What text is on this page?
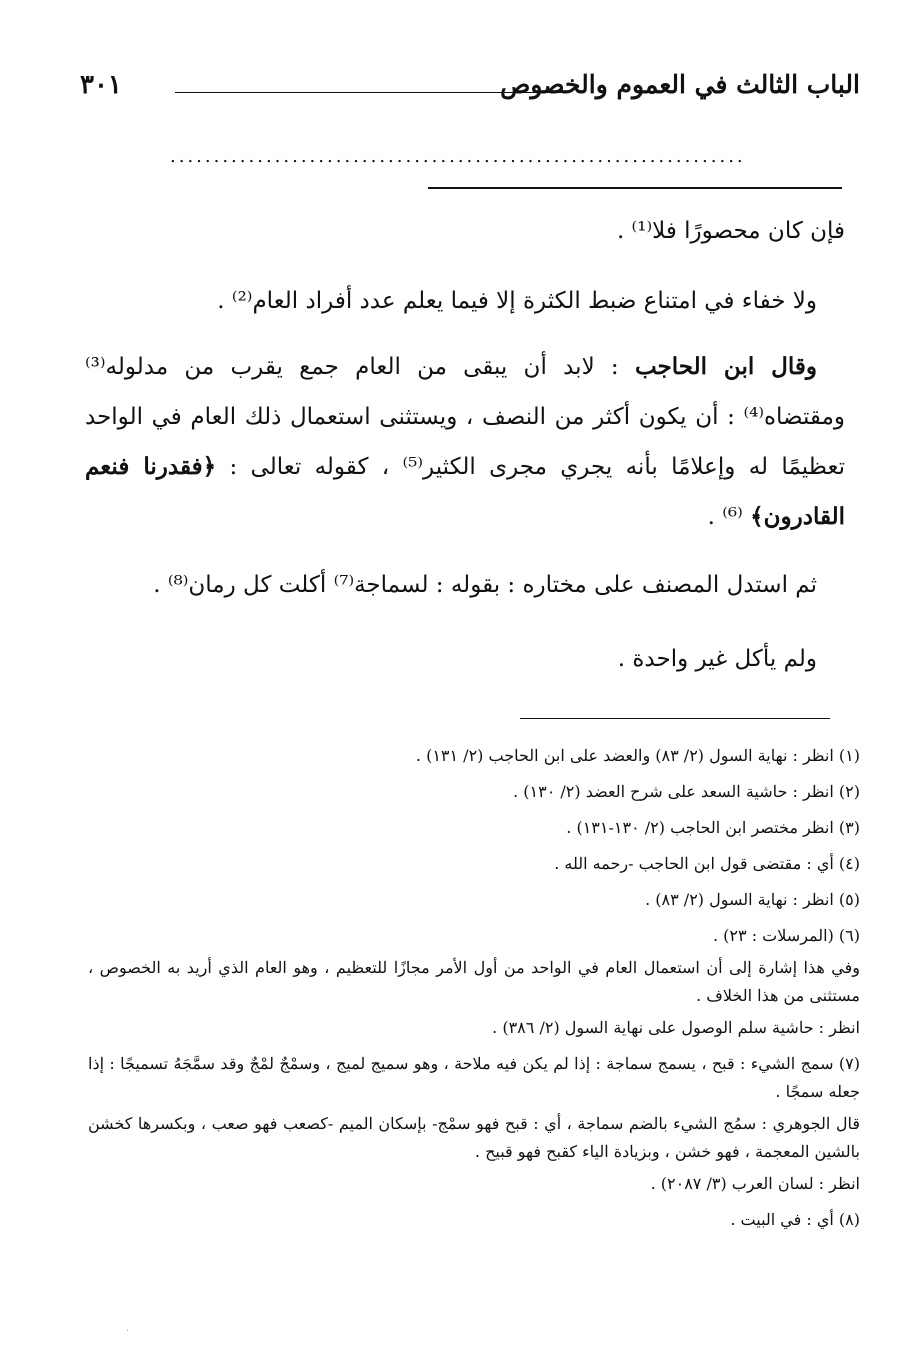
الباب الثالث في العموم والخصوص
٣٠١
..................................................................

فإن كان محصورًا فلا⁽¹⁾ .

ولا خفاء في امتناع ضبط الكثرة إلا فيما يعلم عدد أفراد العام⁽²⁾ .

وقال ابن الحاجب : لابد أن يبقى من العام جمع يقرب من مدلوله⁽³⁾ ومقتضاه⁽⁴⁾ : أن يكون أكثر من النصف ، ويستثنى استعمال ذلك العام في الواحد تعظيمًا له وإعلامًا بأنه يجري مجرى الكثير⁽⁵⁾ ، كقوله تعالى : ﴿فقدرنا فنعم القادرون﴾ ⁽⁶⁾ .

ثم استدل المصنف على مختاره : بقوله : لسماجة⁽⁷⁾ أكلت كل رمان⁽⁸⁾ .

ولم يأكل غير واحدة .

(١) انظر : نهاية السول (٢/ ٨٣) والعضد على ابن الحاجب (٢/ ١٣١) .

(٢) انظر : حاشية السعد على شرح العضد (٢/ ١٣٠) .

(٣) انظر مختصر ابن الحاجب (٢/ ١٣٠-١٣١) .

(٤) أي : مقتضى قول ابن الحاجب -رحمه الله .

(٥) انظر : نهاية السول (٢/ ٨٣) .

(٦) (المرسلات : ٢٣) .

وفي هذا إشارة إلى أن استعمال العام في الواحد من أول الأمر مجازًا للتعظيم ، وهو العام الذي أريد به الخصوص ، مستثنى من هذا الخلاف .

انظر : حاشية سلم الوصول على نهاية السول (٢/ ٣٨٦) .

(٧) سمج الشيء : قبح ، يسمج سماجة : إذا لم يكن فيه ملاحة ، وهو سميج لميج ، وسمْجٌ لمْجٌ وقد سمَّجَهُ تسميجًا : إذا جعله سمجًا .

قال الجوهري : سمُج الشيء بالضم سماجة ، أي : قبح فهو سمْج- بإسكان الميم -كصعب فهو صعب ، وبكسرها كخشن بالشين المعجمة ، فهو خشن ، وبزيادة الياء كقبح فهو قبيح .

انظر : لسان العرب (٣/ ٢٠٨٧) .

(٨) أي : في البيت .

·
